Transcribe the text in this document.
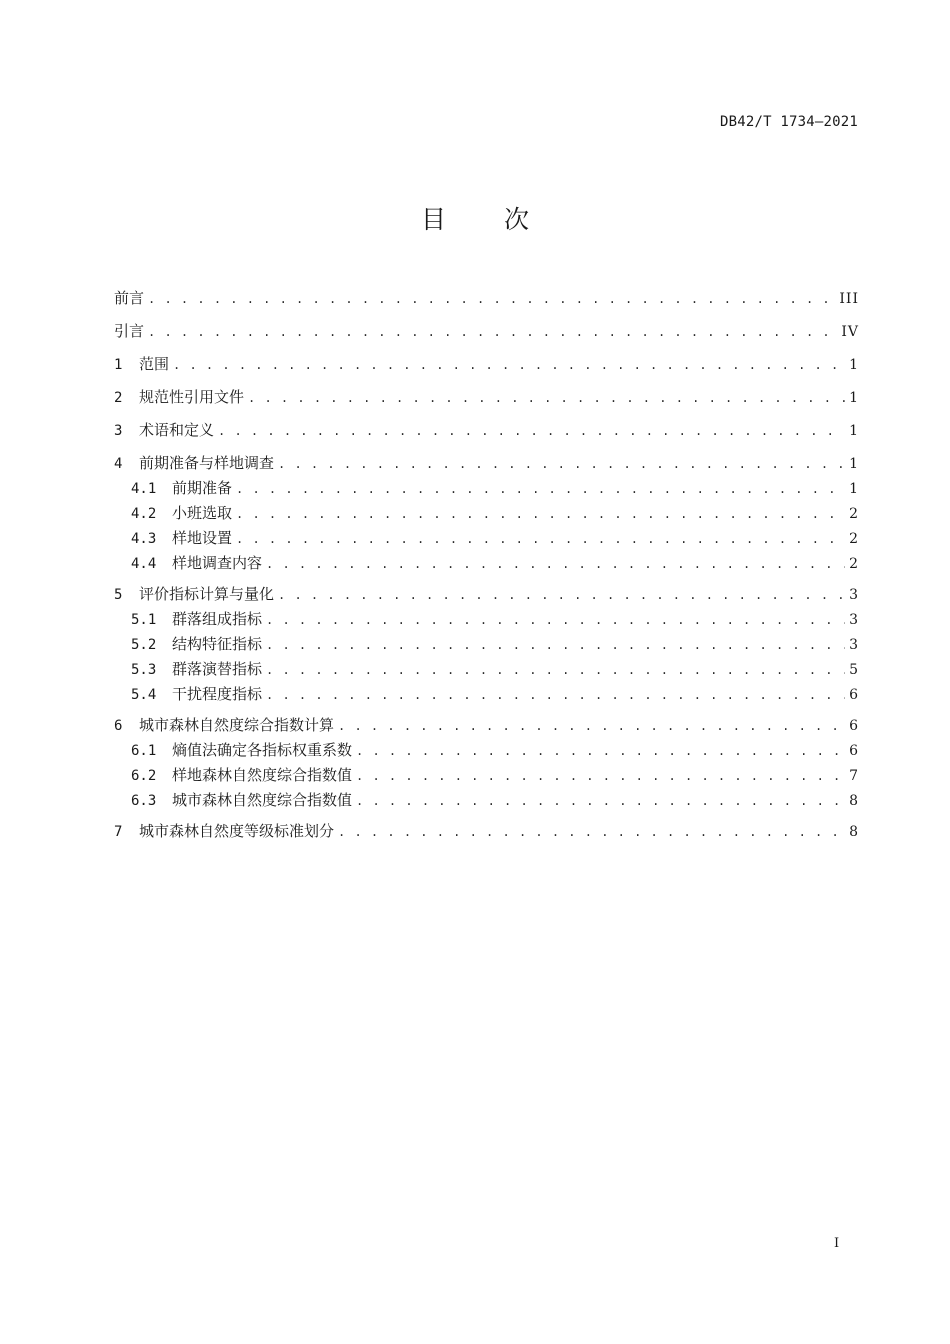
DB42/T 1734—2021
目 次
前言 . . .	III
引言 . . .	IV
1	范围 . . .	1
2	规范性引用文件 . . .	1
3	术语和定义 . . .	1
4	前期准备与样地调查 . . .	1
4.1	前期准备 . . .	1
4.2	小班选取 . . .	2
4.3	样地设置 . . .	2
4.4	样地调查内容 . . .	2
5	评价指标计算与量化 . . .	3
5.1	群落组成指标 . . .	3
5.2	结构特征指标 . . .	3
5.3	群落演替指标 . . .	5
5.4	干扰程度指标 . . .	6
6	城市森林自然度综合指数计算 . . .	6
6.1	熵值法确定各指标权重系数 . . .	6
6.2	样地森林自然度综合指数值 . . .	7
6.3	城市森林自然度综合指数值 . . .	8
7	城市森林自然度等级标准划分 . . .	8
I
